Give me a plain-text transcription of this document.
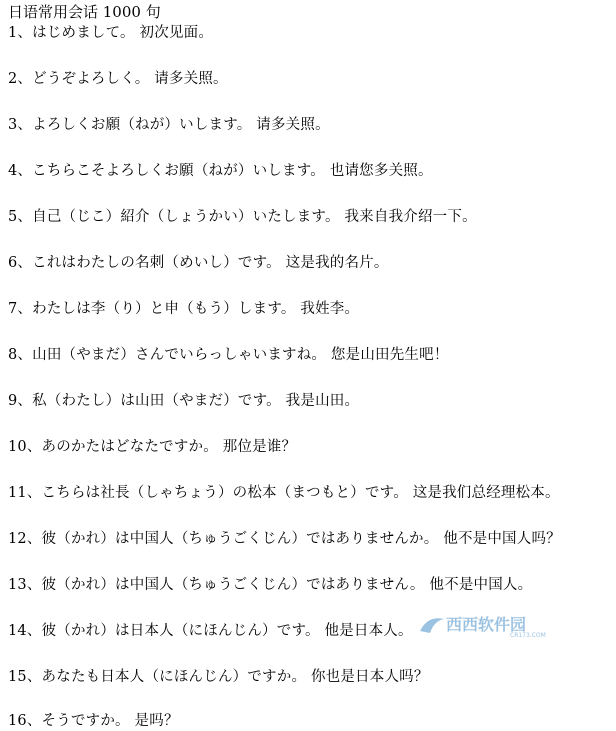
日语常用会话 1000 句
1、はじめまして。 初次见面。
2、どうぞよろしく。 请多关照。
3、よろしくお願（ねが）いします。 请多关照。
4、こちらこそよろしくお願（ねが）いします。 也请您多关照。
5、自己（じこ）紹介（しょうかい）いたします。 我来自我介绍一下。
6、これはわたしの名刺（めいし）です。 这是我的名片。
7、わたしは李（り）と申（もう）します。 我姓李。
8、山田（やまだ）さんでいらっしゃいますね。 您是山田先生吧！
9、私（わたし）は山田（やまだ）です。 我是山田。
10、あのかたはどなたですか。 那位是谁？
11、こちらは社長（しゃちょう）の松本（まつもと）です。 这是我们总经理松本。
12、彼（かれ）は中国人（ちゅうごくじん）ではありませんか。 他不是中国人吗？
13、彼（かれ）は中国人（ちゅうごくじん）ではありません。 他不是中国人。
14、彼（かれ）は日本人（にほんじん）です。 他是日本人。
15、あなたも日本人（にほんじん）ですか。 你也是日本人吗？
16、そうですか。 是吗？
西西软件园
CR173.COM
